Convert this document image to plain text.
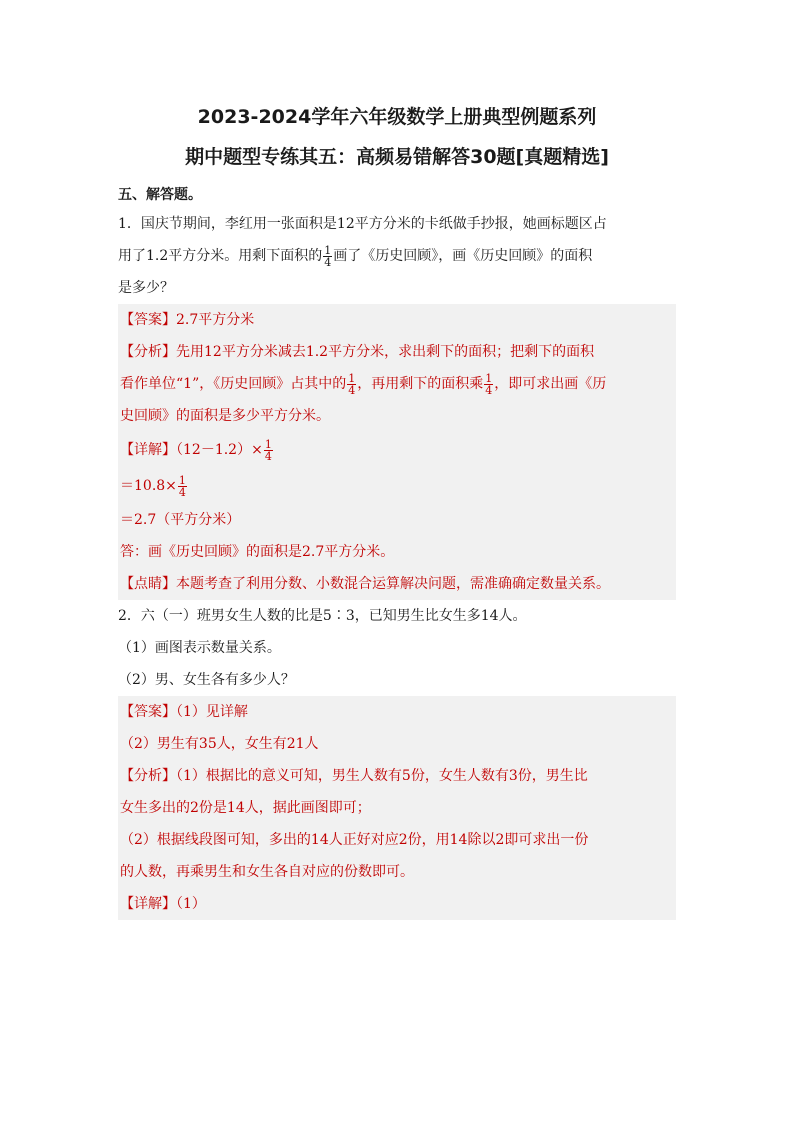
2023-2024学年六年级数学上册典型例题系列
期中题型专练其五：高频易错解答30题[真题精选]
五、解答题。

1．国庆节期间，李红用一张面积是12平方分米的卡纸做手抄报，她画标题区占

用了1.2平方分米。用剩下面积的 $\frac{1}{4}$ 画了《历史回顾》，画《历史回顾》的面积

是多少？

【答案】2.7平方分米

【分析】先用12平方分米减去1.2平方分米，求出剩下的面积；把剩下的面积

看作单位“1”，《历史回顾》占其中的 $\frac{1}{4}$ ，再用剩下的面积乘 $\frac{1}{4}$ ，即可求出画《历

史回顾》的面积是多少平方分米。

【详解】$(12-1.2)\times \frac{1}{4}$

$=10.8\times \frac{1}{4}$

＝2.7（平方分米）

答：画《历史回顾》的面积是2.7平方分米。

【点睛】本题考查了利用分数、小数混合运算解决问题，需准确确定数量关系。

2．六（一）班男女生人数的比是5∶3，已知男生比女生多14人。

（1）画图表示数量关系。

（2）男、女生各有多少人？

【答案】（1）见详解

（2）男生有35人，女生有21人

【分析】（1）根据比的意义可知，男生人数有5份，女生人数有3份，男生比

女生多出的2份是14人，据此画图即可；

（2）根据线段图可知，多出的14人正好对应2份，用14除以2即可求出一份

的人数，再乘男生和女生各自对应的份数即可。

【详解】（1）
